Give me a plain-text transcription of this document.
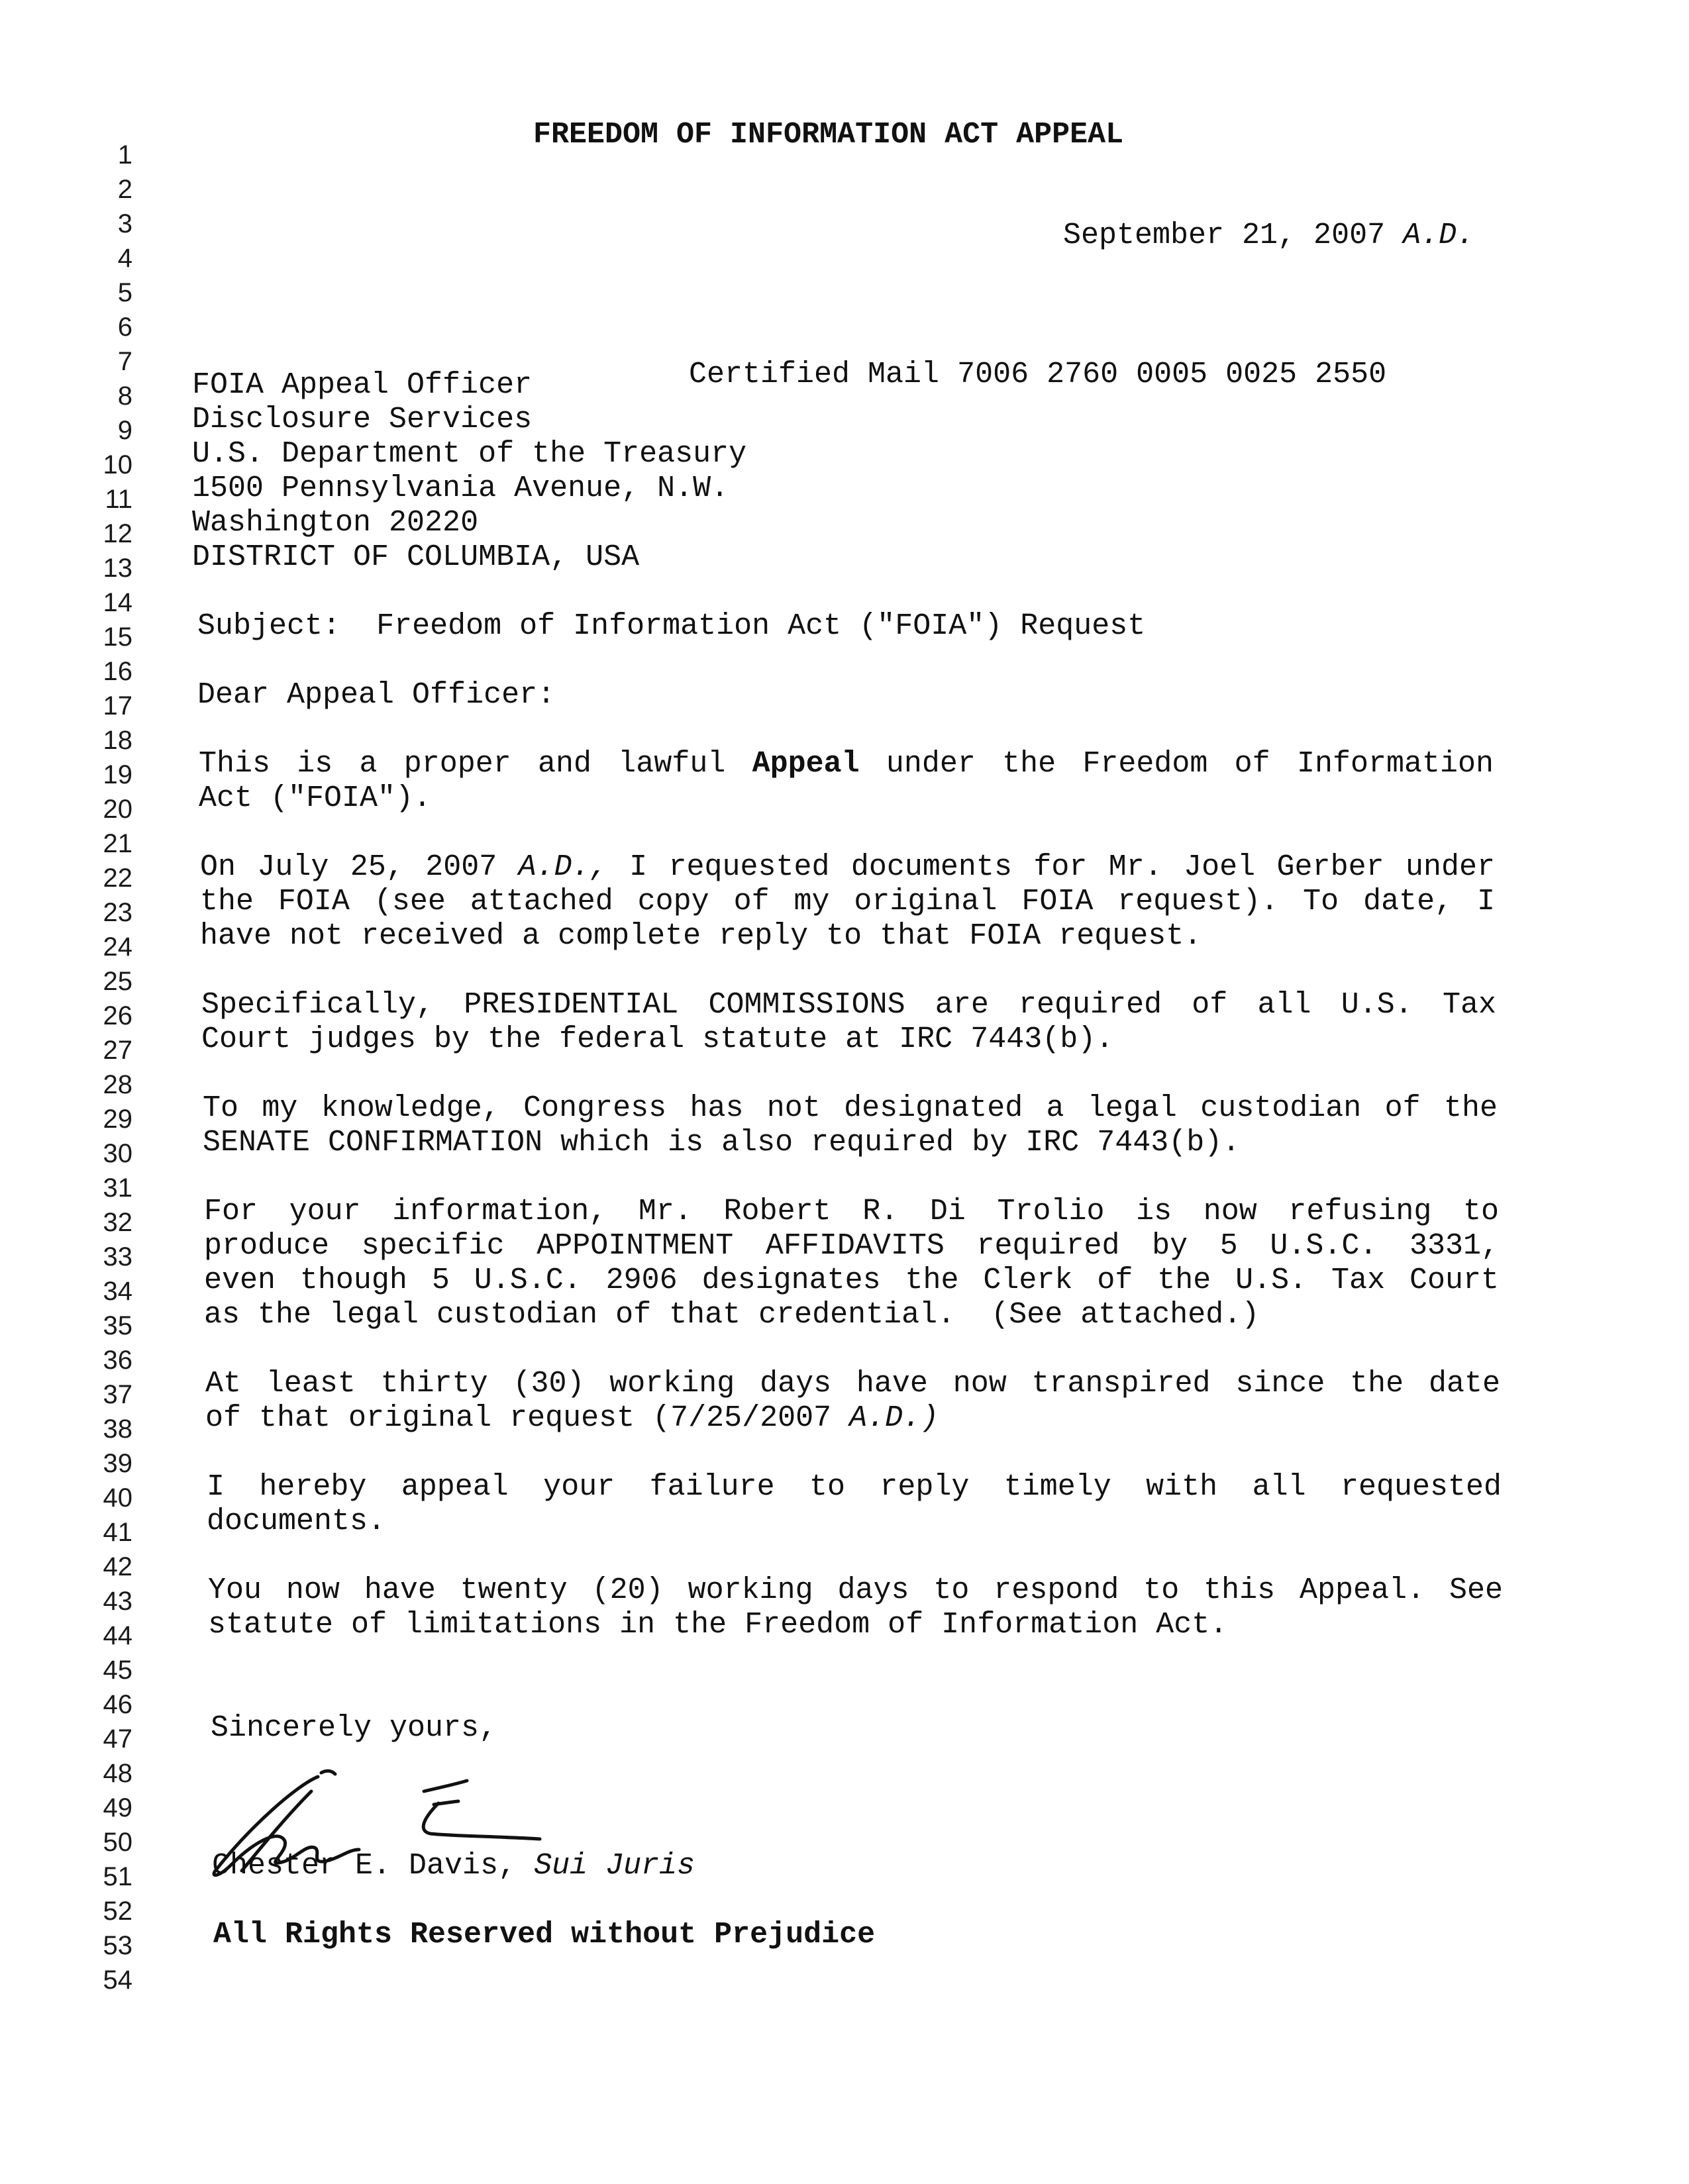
1
2
3
4
5
6
7
8
9
10
11
12
13
14
15
16
17
18
19
20
21
22
23
24
25
26
27
28
29
30
31
32
33
34
35
36
37
38
39
40
41
42
43
44
45
46
47
48
49
50
51
52
53
54
FREEDOM OF INFORMATION ACT APPEAL
September 21, 2007 A.D.
FOIA Appeal Officer	Certified Mail 7006 2760 0005 0025 2550
Disclosure Services
U.S. Department of the Treasury
1500 Pennsylvania Avenue, N.W.
Washington 20220
DISTRICT OF COLUMBIA, USA
Subject: Freedom of Information Act ("FOIA") Request
Dear Appeal Officer:
This is a proper and lawful Appeal under the Freedom of Information
Act ("FOIA").
On July 25, 2007 A.D., I requested documents for Mr. Joel Gerber under
the FOIA (see attached copy of my original FOIA request). To date, I
have not received a complete reply to that FOIA request.
Specifically, PRESIDENTIAL COMMISSIONS are required of all U.S. Tax
Court judges by the federal statute at IRC 7443(b).
To my knowledge, Congress has not designated a legal custodian of the
SENATE CONFIRMATION which is also required by IRC 7443(b).
For your information, Mr. Robert R. Di Trolio is now refusing to
produce specific APPOINTMENT AFFIDAVITS required by 5 U.S.C. 3331,
even though 5 U.S.C. 2906 designates the Clerk of the U.S. Tax Court
as the legal custodian of that credential.  (See attached.)
At least thirty (30) working days have now transpired since the date
of that original request (7/25/2007 A.D.)
I hereby appeal your failure to reply timely with all requested
documents.
You now have twenty (20) working days to respond to this Appeal. See
statute of limitations in the Freedom of Information Act.
Sincerely yours,
Chester E. Davis, Sui Juris
All Rights Reserved without Prejudice
